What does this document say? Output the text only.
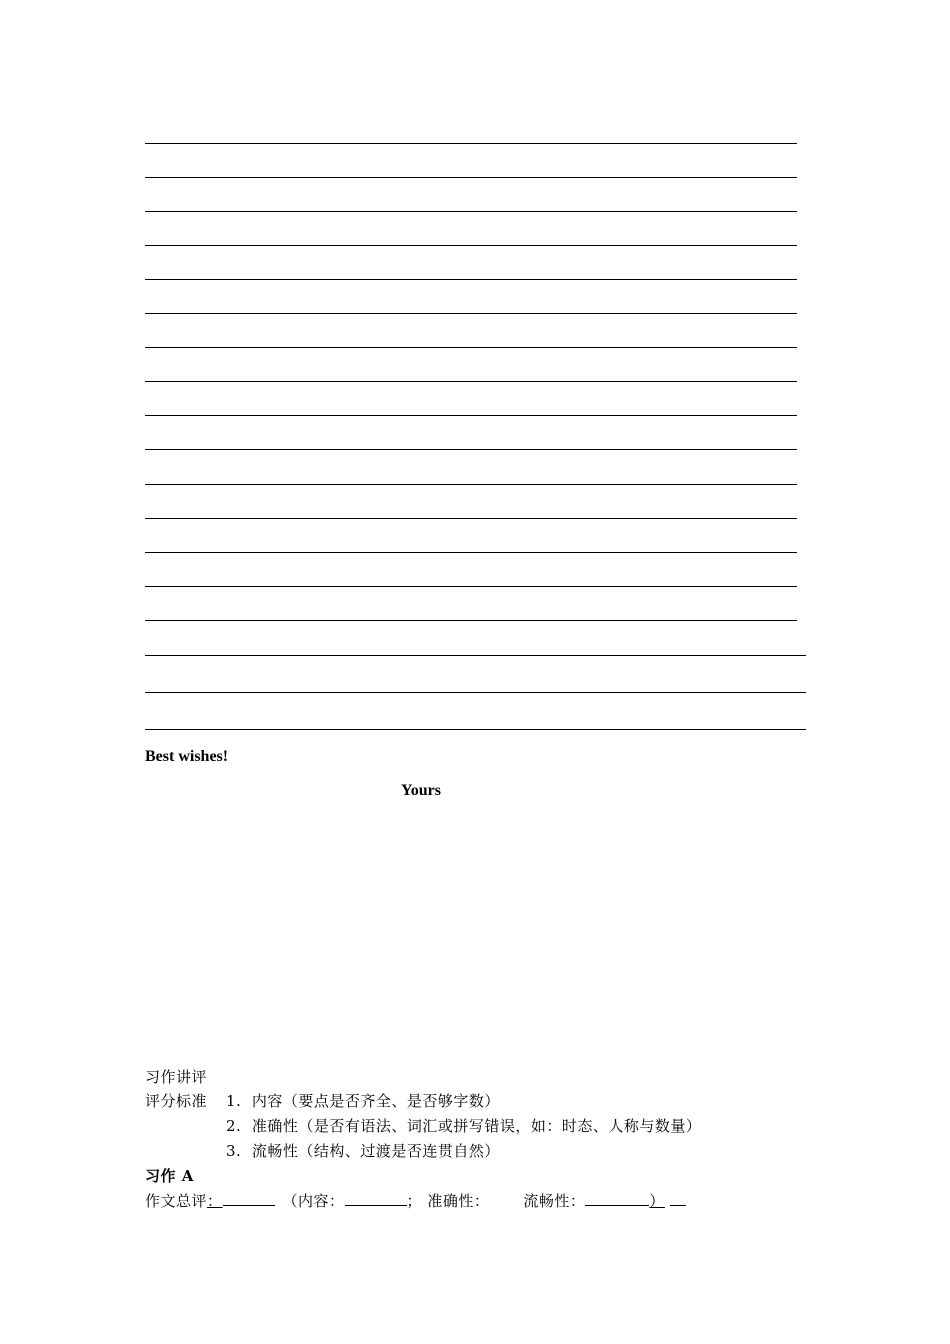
Best wishes!
Yours
习作讲评
评分标准 1. 内容（要点是否齐全、是否够字数）
2. 准确性（是否有语法、词汇或拼写错误，如：时态、人称与数量）
3. 流畅性（结构、过渡是否连贯自然）
习作 A
作文总评：	（内容：	； 准确性： 流畅性：	）
